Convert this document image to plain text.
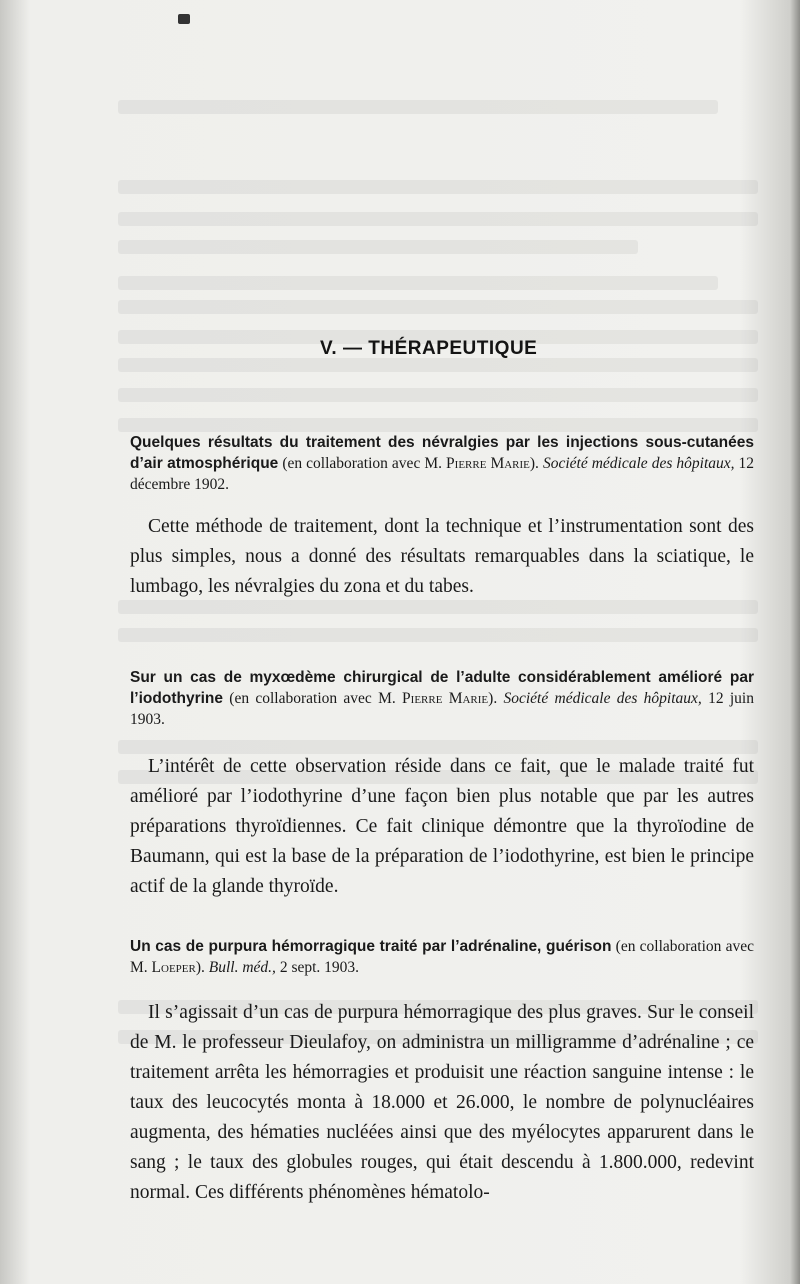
V. — THÉRAPEUTIQUE

Quelques résultats du traitement des névralgies par les injections sous-cutanées d’air atmosphérique (en collaboration avec M. Pierre Marie). Société médicale des hôpitaux, 12 décembre 1902.

Cette méthode de traitement, dont la technique et l’instrumentation sont des plus simples, nous a donné des résultats remarquables dans la sciatique, le lumbago, les névralgies du zona et du tabes.

Sur un cas de myxœdème chirurgical de l’adulte considérablement amélioré par l’iodothyrine (en collaboration avec M. Pierre Marie). Société médicale des hôpitaux, 12 juin 1903.

L’intérêt de cette observation réside dans ce fait, que le malade traité fut amélioré par l’iodothyrine d’une façon bien plus notable que par les autres préparations thyroïdiennes. Ce fait clinique démontre que la thyroïodine de Baumann, qui est la base de la préparation de l’iodothyrine, est bien le principe actif de la glande thyroïde.

Un cas de purpura hémorragique traité par l’adrénaline, guérison (en collaboration avec M. Loeper). Bull. méd., 2 sept. 1903.

Il s’agissait d’un cas de purpura hémorragique des plus graves. Sur le conseil de M. le professeur Dieulafoy, on administra un milligramme d’adrénaline ; ce traitement arrêta les hémorragies et produisit une réaction sanguine intense : le taux des leucocytés monta à 18.000 et 26.000, le nombre de polynucléaires augmenta, des hématies nucléées ainsi que des myélocytes apparurent dans le sang ; le taux des globules rouges, qui était descendu à 1.800.000, redevint normal. Ces différents phénomènes hématolo-
